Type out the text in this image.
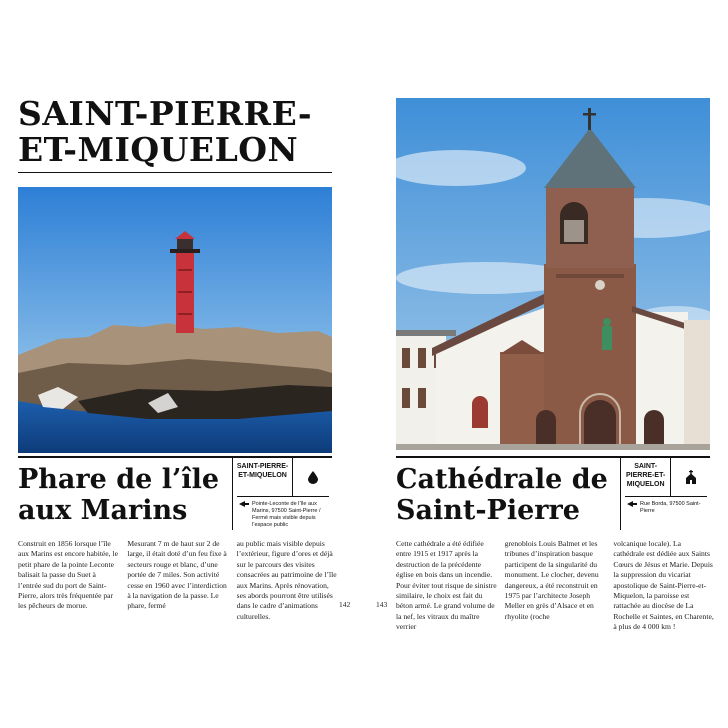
SAINT-PIERRE-ET-MIQUELON
Phare de l’île
aux Marins
SAINT-PIERRE-ET-MIQUELON
Pointe-Leconte de l’île aux Marins, 97500 Saint-Pierre / Fermé mais visible depuis l’espace public

Construit en 1856 lorsque l’île aux Marins est encore habitée, le petit phare de la pointe Leconte balisait la passe du Suet à l’entrée sud du port de Saint-Pierre, alors très fréquentée par les pêcheurs de morue.

Mesurant 7 m de haut sur 2 de large, il était doté d’un feu fixe à secteurs rouge et blanc, d’une portée de 7 miles. Son activité cesse en 1960 avec l’interdiction à la navigation de la passe. Le phare, fermé

au public mais visible depuis l’extérieur, figure d’ores et déjà sur le parcours des visites consacrées au patrimoine de l’île aux Marins. Après rénovation, ses abords pourront être utilisés dans le cadre d’animations culturelles.

142	143
Cathédrale de
Saint-Pierre
SAINT-PIERRE-ET-MIQUELON
Rue Borda, 97500 Saint-Pierre

Cette cathédrale a été édifiée entre 1915 et 1917 après la destruction de la précédente église en bois dans un incendie. Pour éviter tout risque de sinistre similaire, le choix est fait du béton armé. Le grand volume de la nef, les vitraux du maître verrier

grenoblois Louis Balmet et les tribunes d’inspiration basque participent de la singularité du monument. Le clocher, devenu dangereux, a été reconstruit en 1975 par l’architecte Joseph Meller en grès d’Alsace et en rhyolite (roche

volcanique locale). La cathédrale est dédiée aux Saints Cœurs de Jésus et Marie. Depuis la suppression du vicariat apostolique de Saint-Pierre-et-Miquelon, la paroisse est rattachée au diocèse de La Rochelle et Saintes, en Charente, à plus de 4 000 km !
